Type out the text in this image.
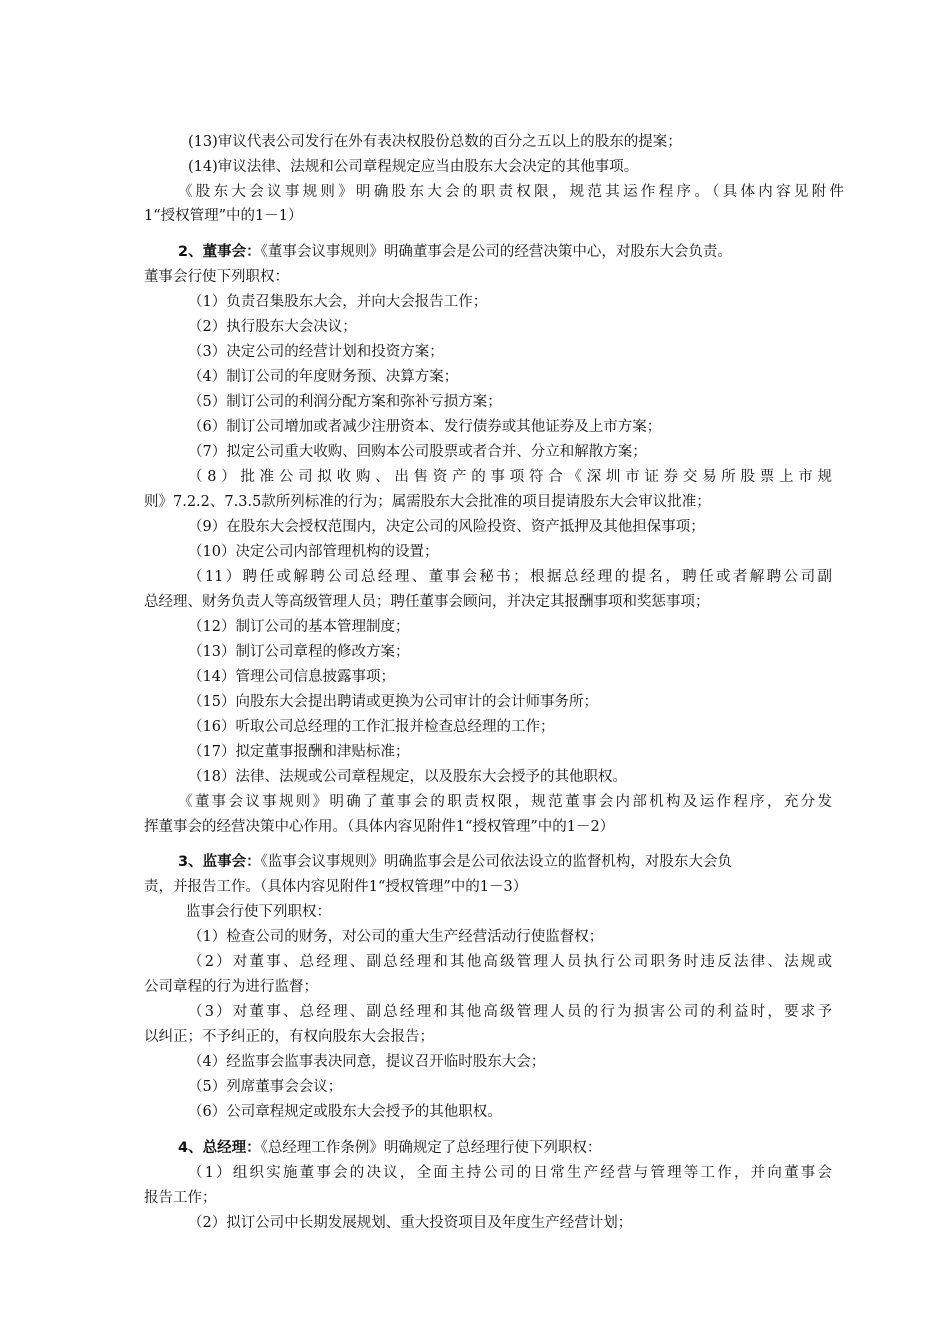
(13)审议代表公司发行在外有表决权股份总数的百分之五以上的股东的提案；
(14)审议法律、法规和公司章程规定应当由股东大会决定的其他事项。
《股东大会议事规则》明确股东大会的职责权限，规范其运作程序。（具体内容见附件
1“授权管理”中的1－1）
2、董事会：《董事会议事规则》明确董事会是公司的经营决策中心，对股东大会负责。
董事会行使下列职权：
（1）负责召集股东大会，并向大会报告工作；
（2）执行股东大会决议；
（3）决定公司的经营计划和投资方案；
（4）制订公司的年度财务预、决算方案；
（5）制订公司的利润分配方案和弥补亏损方案；
（6）制订公司增加或者减少注册资本、发行债券或其他证券及上市方案；
（7）拟定公司重大收购、回购本公司股票或者合并、分立和解散方案；
（8）批准公司拟收购、出售资产的事项符合《深圳市证券交易所股票上市规
则》7.2.2、7.3.5款所列标准的行为；属需股东大会批准的项目提请股东大会审议批准；
（9）在股东大会授权范围内，决定公司的风险投资、资产抵押及其他担保事项；
（10）决定公司内部管理机构的设置；
（11）聘任或解聘公司总经理、董事会秘书；根据总经理的提名，聘任或者解聘公司副
总经理、财务负责人等高级管理人员；聘任董事会顾问，并决定其报酬事项和奖惩事项；
（12）制订公司的基本管理制度；
（13）制订公司章程的修改方案；
（14）管理公司信息披露事项；
（15）向股东大会提出聘请或更换为公司审计的会计师事务所；
（16）听取公司总经理的工作汇报并检查总经理的工作；
（17）拟定董事报酬和津贴标准；
（18）法律、法规或公司章程规定，以及股东大会授予的其他职权。
《董事会议事规则》明确了董事会的职责权限，规范董事会内部机构及运作程序，充分发
挥董事会的经营决策中心作用。（具体内容见附件1“授权管理”中的1－2）
3、监事会：《监事会议事规则》明确监事会是公司依法设立的监督机构，对股东大会负
责，并报告工作。（具体内容见附件1“授权管理”中的1－3）
监事会行使下列职权：
（1）检查公司的财务，对公司的重大生产经营活动行使监督权；
（2）对董事、总经理、副总经理和其他高级管理人员执行公司职务时违反法律、法规或
公司章程的行为进行监督；
（3）对董事、总经理、副总经理和其他高级管理人员的行为损害公司的利益时，要求予
以纠正；不予纠正的，有权向股东大会报告；
（4）经监事会监事表决同意，提议召开临时股东大会；
（5）列席董事会会议；
（6）公司章程规定或股东大会授予的其他职权。
4、总经理：《总经理工作条例》明确规定了总经理行使下列职权：
（1）组织实施董事会的决议，全面主持公司的日常生产经营与管理等工作，并向董事会
报告工作；
（2）拟订公司中长期发展规划、重大投资项目及年度生产经营计划；
